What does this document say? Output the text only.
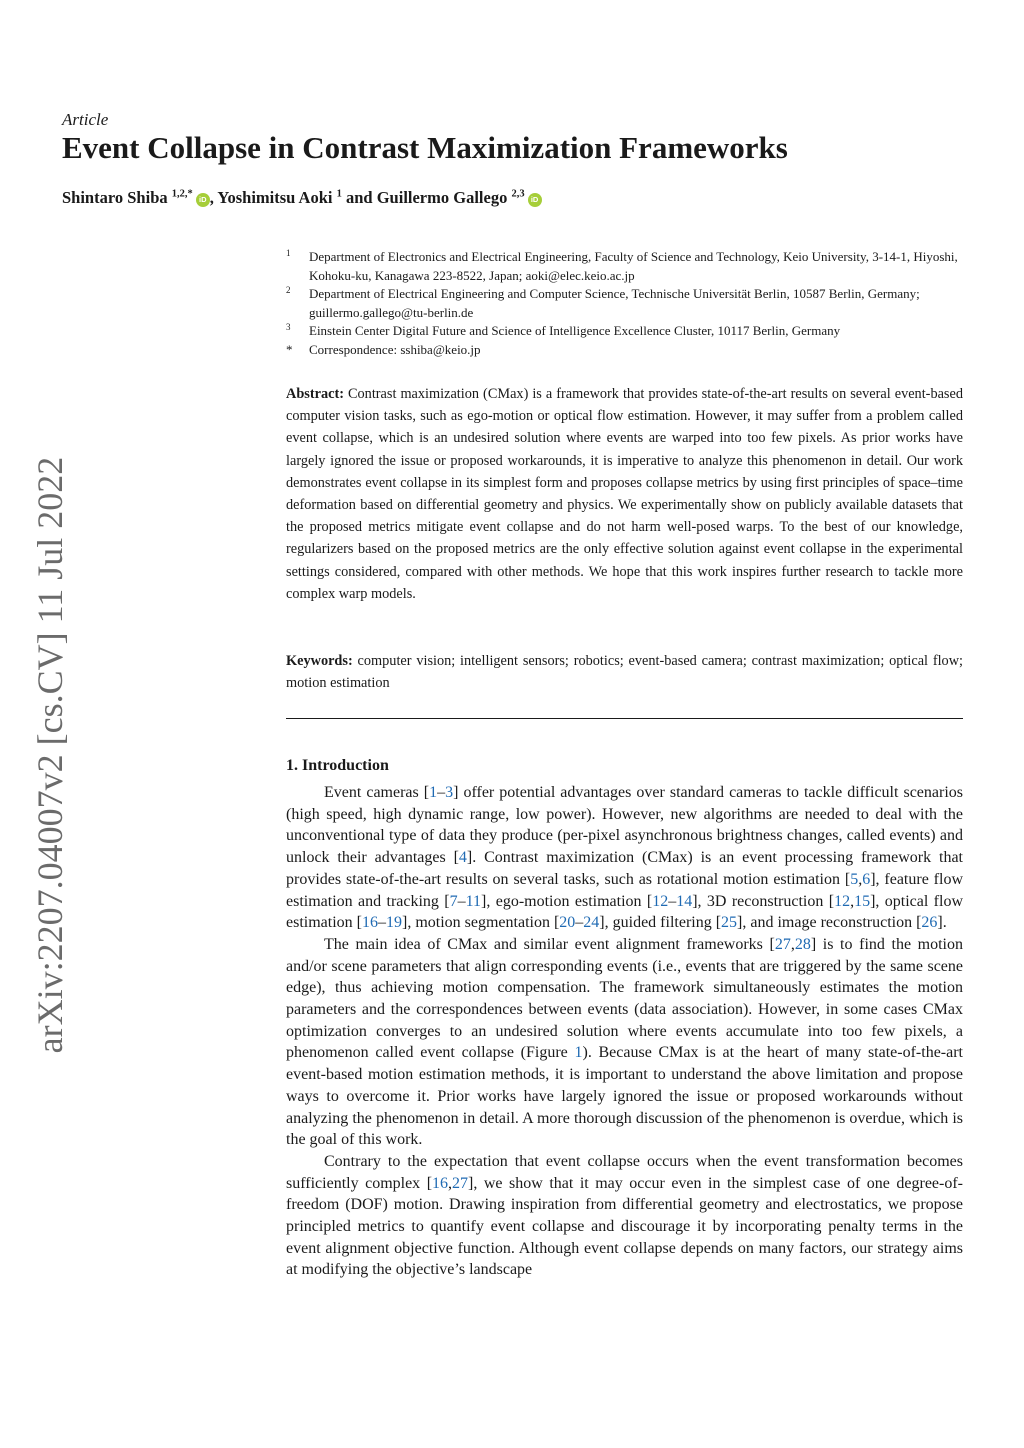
Article
Event Collapse in Contrast Maximization Frameworks
Shintaro Shiba $^{1,2,*}$ iD , Yoshimitsu Aoki $^1$ and Guillermo Gallego $^{2,3}$ iD
arXiv:2207.04007v2 [cs.CV] 11 Jul 2022
1 Department of Electronics and Electrical Engineering, Faculty of Science and Technology, Keio University, 3-14-1, Hiyoshi, Kohoku-ku, Kanagawa 223-8522, Japan; aoki@elec.keio.ac.jp
2 Department of Electrical Engineering and Computer Science, Technische Universität Berlin, 10587 Berlin, Germany; guillermo.gallego@tu-berlin.de
3 Einstein Center Digital Future and Science of Intelligence Excellence Cluster, 10117 Berlin, Germany
* Correspondence: sshiba@keio.jp
Abstract: Contrast maximization (CMax) is a framework that provides state-of-the-art results on several event-based computer vision tasks, such as ego-motion or optical flow estimation. However, it may suffer from a problem called event collapse, which is an undesired solution where events are warped into too few pixels. As prior works have largely ignored the issue or proposed workarounds, it is imperative to analyze this phenomenon in detail. Our work demonstrates event collapse in its simplest form and proposes collapse metrics by using first principles of space–time deformation based on differential geometry and physics. We experimentally show on publicly available datasets that the proposed metrics mitigate event collapse and do not harm well-posed warps. To the best of our knowledge, regularizers based on the proposed metrics are the only effective solution against event collapse in the experimental settings considered, compared with other methods. We hope that this work inspires further research to tackle more complex warp models.
Keywords: computer vision; intelligent sensors; robotics; event-based camera; contrast maximization; optical flow; motion estimation
1. Introduction

Event cameras [1–3] offer potential advantages over standard cameras to tackle difficult scenarios (high speed, high dynamic range, low power). However, new algorithms are needed to deal with the unconventional type of data they produce (per-pixel asynchronous brightness changes, called events) and unlock their advantages [4]. Contrast maximization (CMax) is an event processing framework that provides state-of-the-art results on several tasks, such as rotational motion estimation [5,6], feature flow estimation and tracking [7–11], ego-motion estimation [12–14], 3D reconstruction [12,15], optical flow estimation [16–19], motion segmentation [20–24], guided filtering [25], and image reconstruction [26].

The main idea of CMax and similar event alignment frameworks [27,28] is to find the motion and/or scene parameters that align corresponding events (i.e., events that are triggered by the same scene edge), thus achieving motion compensation. The framework simultaneously estimates the motion parameters and the correspondences between events (data association). However, in some cases CMax optimization converges to an undesired solution where events accumulate into too few pixels, a phenomenon called event collapse (Figure 1). Because CMax is at the heart of many state-of-the-art event-based motion estimation methods, it is important to understand the above limitation and propose ways to overcome it. Prior works have largely ignored the issue or proposed workarounds without analyzing the phenomenon in detail. A more thorough discussion of the phenomenon is overdue, which is the goal of this work.

Contrary to the expectation that event collapse occurs when the event transformation becomes sufficiently complex [16,27], we show that it may occur even in the simplest case of one degree-of-freedom (DOF) motion. Drawing inspiration from differential geometry and electrostatics, we propose principled metrics to quantify event collapse and discourage it by incorporating penalty terms in the event alignment objective function. Although event collapse depends on many factors, our strategy aims at modifying the objective’s landscape
